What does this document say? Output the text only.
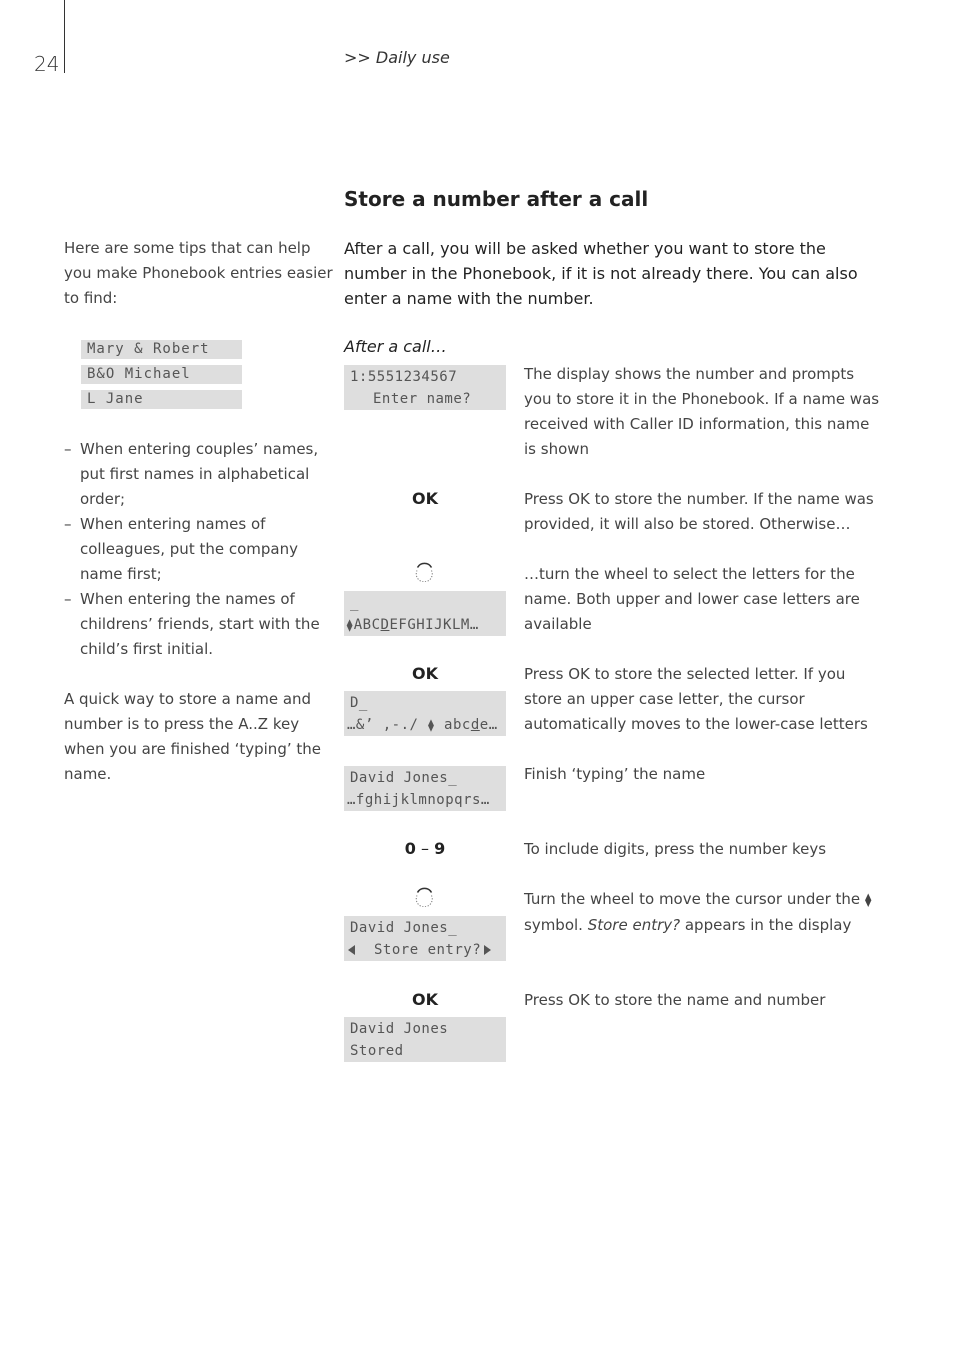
24	>> Daily use
Store a number after a call
After a call, you will be asked whether you want to store the number in the Phonebook, if it is not already there. You can also enter a name with the number.
After a call…
Here are some tips that can help you make Phonebook entries easier to find:
Mary & Robert
B&O Michael
L Jane
– When entering couples’ names, put first names in alphabetical order;
– When entering names of colleagues, put the company name first;
– When entering the names of childrens’ friends, start with the child’s first initial.
A quick way to store a name and number is to press the A..Z key when you are finished ‘typing’ the name.
1:5551234567
Enter name?
The display shows the number and prompts you to store it in the Phonebook. If a name was received with Caller ID information, this name is shown
OK	Press OK to store the number. If the name was provided, it will also be stored. Otherwise…
_
⧫ABCDEFGHIJKLM…
…turn the wheel to select the letters for the name. Both upper and lower case letters are available
OK
D_
…&’ ,-./ ⧫ abcde…
Press OK to store the selected letter. If you store an upper case letter, the cursor automatically moves to the lower-case letters
David Jones_
…fghijklmnopqrs…
Finish ‘typing’ the name
0 – 9	To include digits, press the number keys
David Jones_
Store entry?
Turn the wheel to move the cursor under the ⧫
symbol. Store entry? appears in the display
OK
David Jones
Stored
Press OK to store the name and number
